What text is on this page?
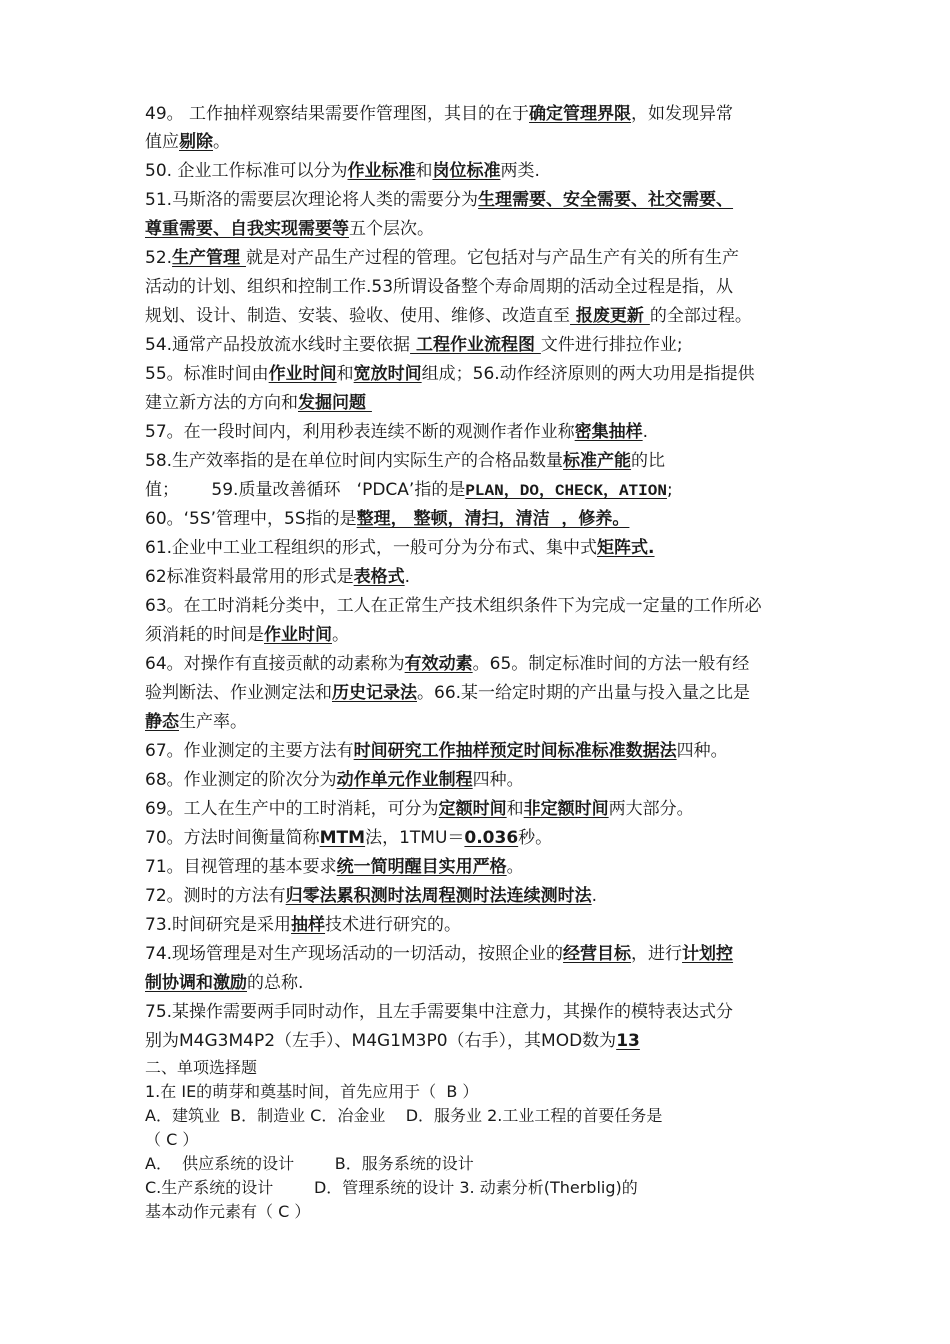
49。 工作抽样观察结果需要作管理图，其目的在于确定管理界限，如发现异常
值应剔除。
50. 企业工作标准可以分为作业标准和岗位标准两类.
51.马斯洛的需要层次理论将人类的需要分为生理需要、安全需要、社交需要、
尊重需要、自我实现需要等五个层次。
52.生产管理 就是对产品生产过程的管理。它包括对与产品生产有关的所有生产
活动的计划、组织和控制工作.53所谓设备整个寿命周期的活动全过程是指，从
规划、设计、制造、安装、验收、使用、维修、改造直至 报废更新 的全部过程。
54.通常产品投放流水线时主要依据 工程作业流程图 文件进行排拉作业;
55。标准时间由作业时间和宽放时间组成；56.动作经济原则的两大功用是指提供
建立新方法的方向和发掘问题
57。在一段时间内，利用秒表连续不断的观测作者作业称密集抽样.
58.生产效率指的是在单位时间内实际生产的合格品数量标准产能的比
值；      59.质量改善循环   ‘PDCA’指的是PLAN，DO，CHECK，ATION;
60。‘5S’管理中，5S指的是整理， 整顿，清扫，清洁  ，修养。
61.企业中工业工程组织的形式，一般可分为分布式、集中式矩阵式.
62标准资料最常用的形式是表格式.
63。在工时消耗分类中，工人在正常生产技术组织条件下为完成一定量的工作所必
须消耗的时间是作业时间。
64。对操作有直接贡献的动素称为有效动素。65。制定标准时间的方法一般有经
验判断法、作业测定法和历史记录法。66.某一给定时期的产出量与投入量之比是
静态生产率。
67。作业测定的主要方法有时间研究工作抽样预定时间标准标准数据法四种。
68。作业测定的阶次分为动作单元作业制程四种。
69。工人在生产中的工时消耗，可分为定额时间和非定额时间两大部分。
70。方法时间衡量简称MTM法，1TMU＝0.036秒。
71。目视管理的基本要求统一简明醒目实用严格。
72。测时的方法有归零法累积测时法周程测时法连续测时法.
73.时间研究是采用抽样技术进行研究的。
74.现场管理是对生产现场活动的一切活动，按照企业的经营目标，进行计划控
制协调和激励的总称.
75.某操作需要两手同时动作，且左手需要集中注意力，其操作的模特表达式分
别为M4G3M4P2（左手）、M4G1M3P0（右手），其MOD数为13
二、单项选择题
1.在 IE的萌芽和奠基时间，首先应用于（  B ）
A．建筑业  B．制造业 C．冶金业    D．服务业 2.工业工程的首要任务是
（ C ）
A．  供应系统的设计        B．服务系统的设计
C.生产系统的设计        D．管理系统的设计 3. 动素分析(Therblig)的
基本动作元素有（ C ）
